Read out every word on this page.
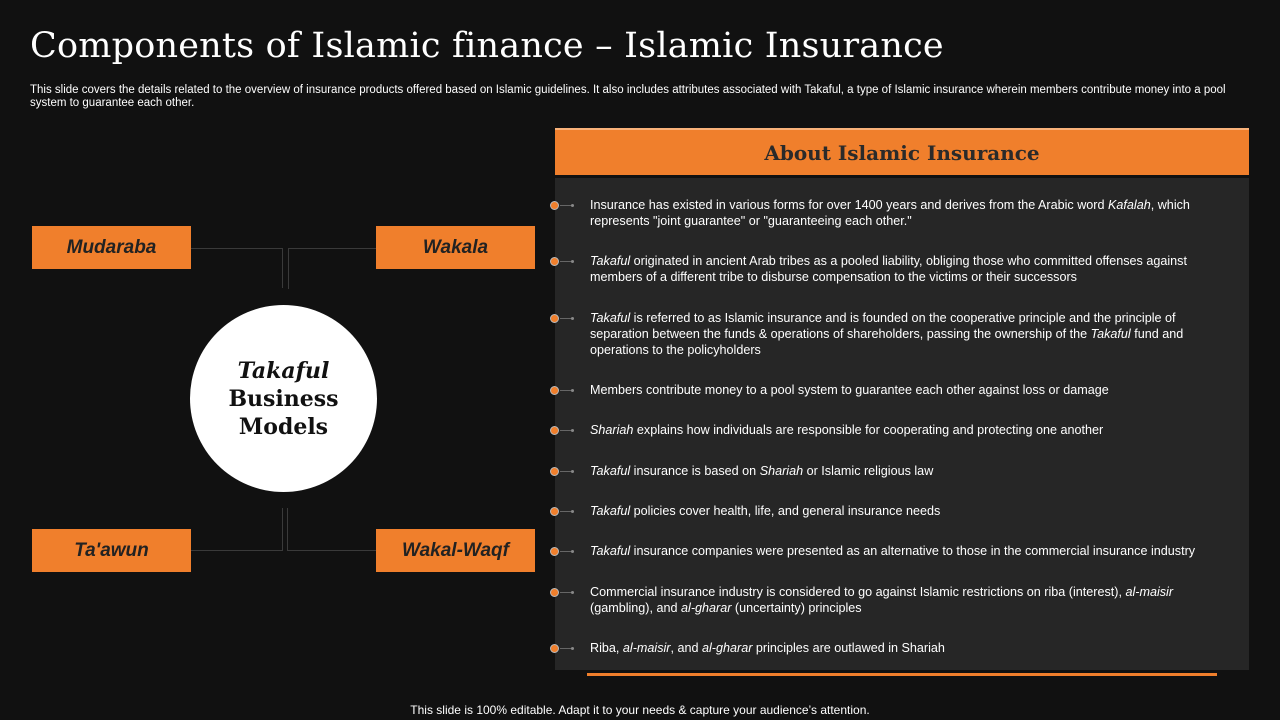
Components of Islamic finance – Islamic Insurance

This slide covers the details related to the overview of insurance products offered based on Islamic guidelines. It also includes attributes associated with Takaful, a type of Islamic insurance wherein members contribute money into a pool system to guarantee each other.

Mudaraba	Wakala
Ta'awun	Wakal-Waqf
Takaful
Business
Models
About Islamic Insurance
Insurance has existed in various forms for over 1400 years and derives from the Arabic word Kafalah, which represents "joint guarantee" or "guaranteeing each other."
Takaful originated in ancient Arab tribes as a pooled liability, obliging those who committed offenses against members of a different tribe to disburse compensation to the victims or their successors
Takaful is referred to as Islamic insurance and is founded on the cooperative principle and the principle of separation between the funds & operations of shareholders, passing the ownership of the Takaful fund and operations to the policyholders
Members contribute money to a pool system to guarantee each other against loss or damage
Shariah explains how individuals are responsible for cooperating and protecting one another
Takaful insurance is based on Shariah or Islamic religious law
Takaful policies cover health, life, and general insurance needs
Takaful insurance companies were presented as an alternative to those in the commercial insurance industry
Commercial insurance industry is considered to go against Islamic restrictions on riba (interest), al-maisir (gambling), and al-gharar (uncertainty) principles
Riba, al-maisir, and al-gharar principles are outlawed in Shariah
This slide is 100% editable. Adapt it to your needs & capture your audience’s attention.
